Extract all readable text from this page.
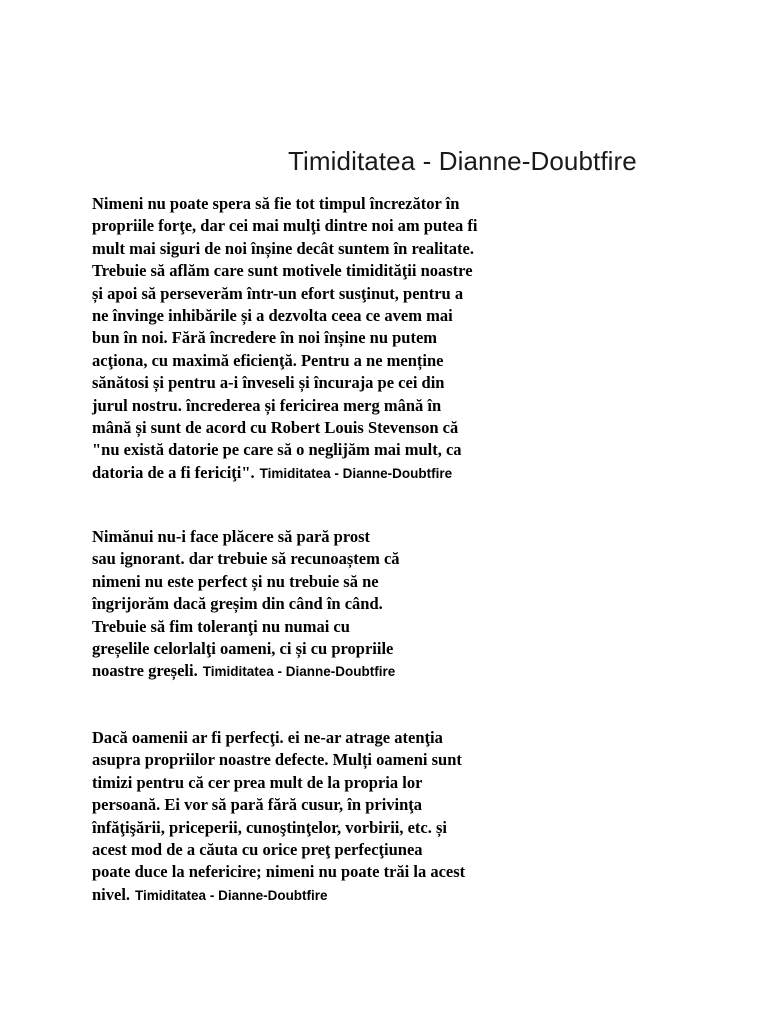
Timiditatea - Dianne-Doubtfire
Nimeni nu poate spera să fie tot timpul încrezător în
propriile forţe, dar cei mai mulţi dintre noi am putea fi
mult mai siguri de noi înșine decât suntem în realitate.
Trebuie să aflăm care sunt motivele timidităţii noastre
și apoi să perseverăm într-un efort susţinut, pentru a
ne învinge inhibările și a dezvolta ceea ce avem mai
bun în noi. Fără încredere în noi înșine nu putem
acţiona, cu maximă eficienţă. Pentru a ne menține
sănătosi și pentru a-i înveseli și încuraja pe cei din
jurul nostru. încrederea și fericirea merg mână în
mână și sunt de acord cu Robert Louis Stevenson că
"nu există datorie pe care să o neglijăm mai mult, ca
datoria de a fi fericiţi". Timiditatea - Dianne-Doubtfire
Nimănui nu-i face plăcere să pară prost
sau ignorant. dar trebuie să recunoaștem că
nimeni nu este perfect și nu trebuie să ne
îngrijorăm dacă greșim din când în când.
Trebuie să fim toleranţi nu numai cu
greșelile celorlalţi oameni, ci și cu propriile
noastre greșeli. Timiditatea - Dianne-Doubtfire
Dacă oamenii ar fi perfecţi. ei ne-ar atrage atenţia
asupra propriilor noastre defecte. Mulți oameni sunt
timizi pentru că cer prea mult de la propria lor
persoană. Ei vor să pară fără cusur, în privinţa
înfăţişării, priceperii, cunoştinţelor, vorbirii, etc. și
acest mod de a căuta cu orice preţ perfecţiunea
poate duce la nefericire; nimeni nu poate trăi la acest
nivel. Timiditatea - Dianne-Doubtfire
